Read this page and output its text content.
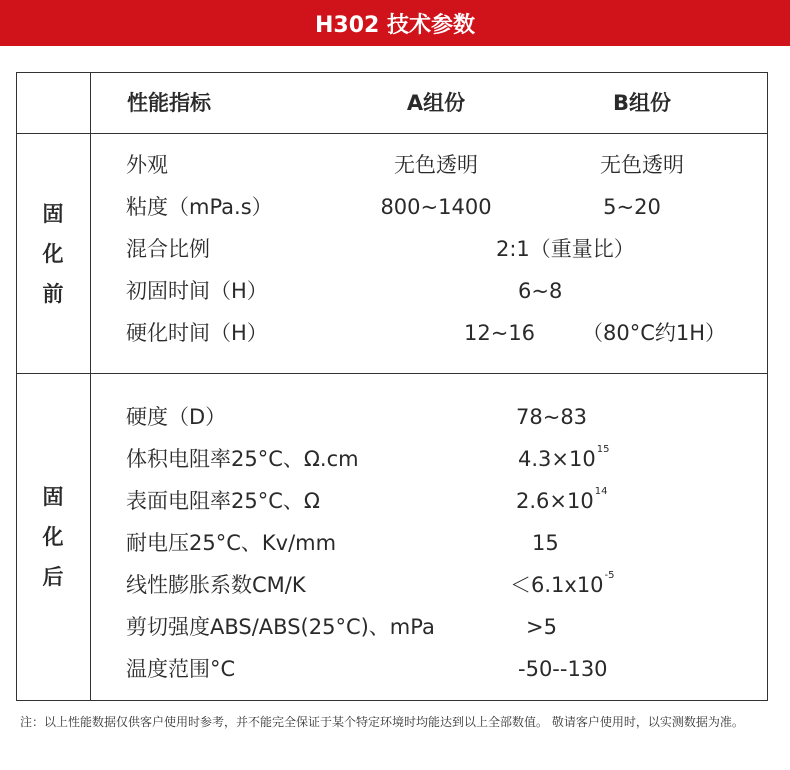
H302 技术参数
性能指标	A组份	B组份
固
化
前
外观	无色透明	无色透明
粘度（mPa.s）	800~1400	5~20
混合比例	2:1（重量比）
初固时间（H）	6~8
硬化时间（H）	12~16 （80°C约1H）
固
化
后
硬度（D）	78~83
体积电阻率25°C、Ω.cm	$4.3\times 10^{15}$
表面电阻率25°C、Ω	$2.6\times 10^{14}$
耐电压25°C、Kv/mm	15
线性膨胀系数CM/K	$<6.1x10^{-5}$
剪切强度ABS/ABS(25°C)、mPa	>5
温度范围°C	-50--130
注：以上性能数据仅供客户使用时参考，并不能完全保证于某个特定环境时均能达到以上全部数值。 敬请客户使用时，以实测数据为准。
